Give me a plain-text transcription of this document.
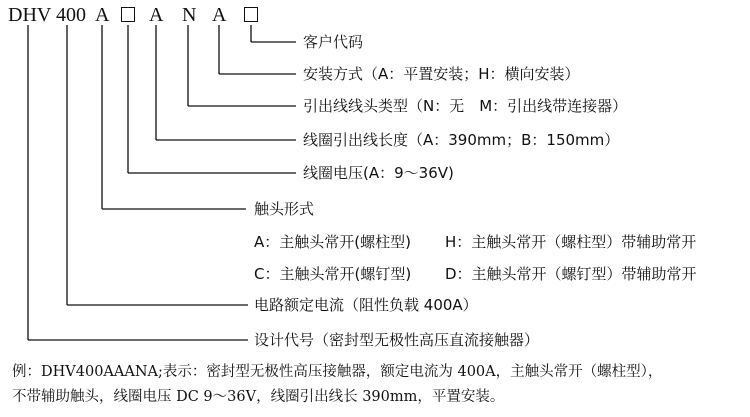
DHV 400 A A N A
客户代码
安装方式（A：平置安装；H：横向安装）
引出线线头类型（N：无　M：引出线带连接器）
线圈引出线长度（A：390mm；B：150mm）
线圈电压(A：9～36V)
触头形式
A：主触头常开(螺柱型) H：主触头常开（螺柱型）带辅助常开
C：主触头常开(螺钉型) D：主触头常开（螺钉型）带辅助常开
电路额定电流（阻性负载 400A）
设计代号（密封型无极性高压直流接触器）
例：DHV400AAANA;表示：密封型无极性高压接触器，额定电流为 400A，主触头常开（螺柱型），
不带辅助触头，线圈电压 DC 9～36V，线圈引出线长 390mm，平置安装。
